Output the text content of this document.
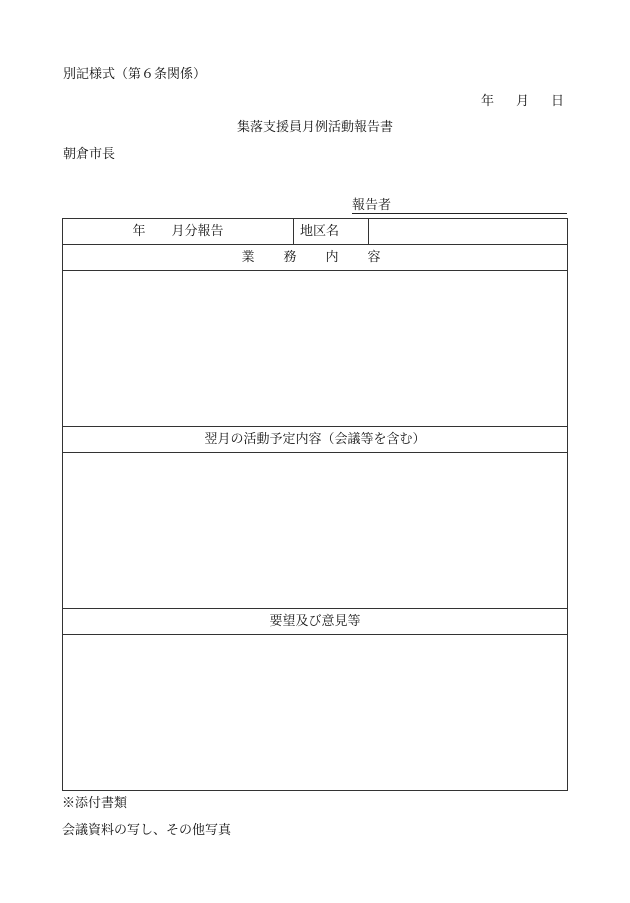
別記様式（第６条関係）
年 月 日
集落支援員月例活動報告書
朝倉市長
報告者
年 月分報告	地区名	
業　務　内　容

翌月の活動予定内容（会議等を含む）

要望及び意見等

※添付書類
会議資料の写し、その他写真
